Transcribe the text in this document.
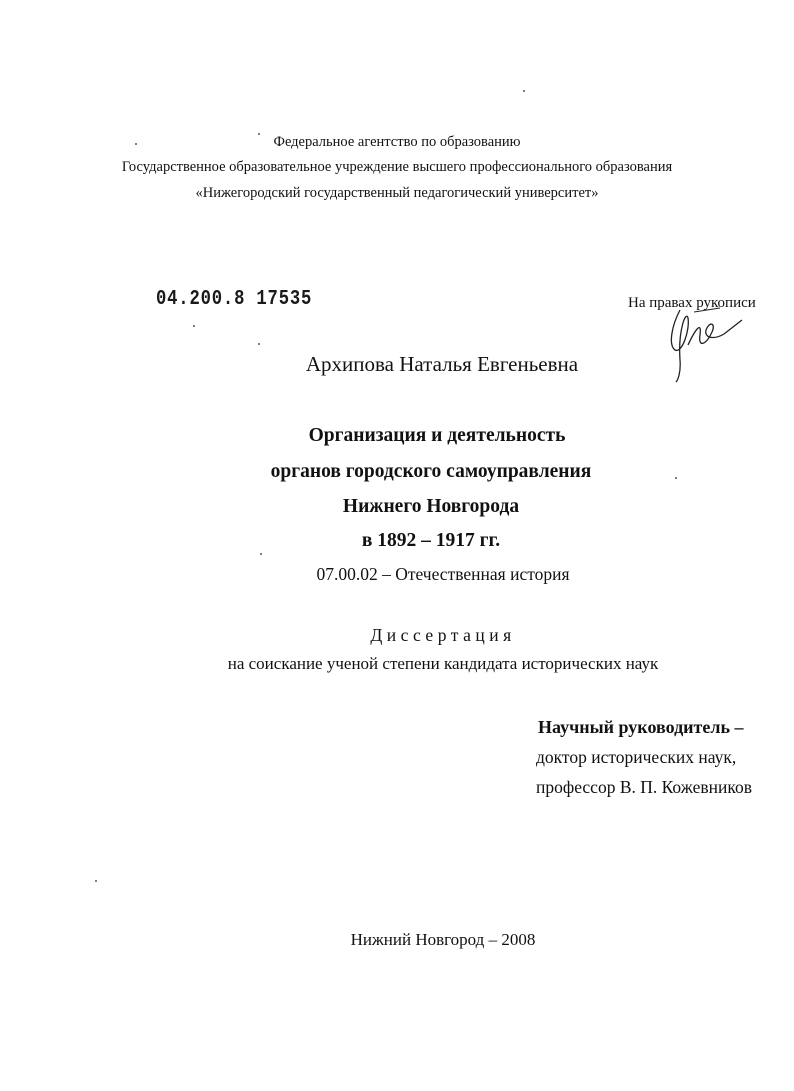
Федеральное агентство по образованию
Государственное образовательное учреждение высшего профессионального образования
«Нижегородский государственный педагогический университет»
04.200.8 17535	На правах рукописи
Архипова Наталья Евгеньевна
Организация и деятельность
органов городского самоуправления
Нижнего Новгорода
в 1892 – 1917 гг.
07.00.02 – Отечественная история
Диссертация
на соискание ученой степени кандидата исторических наук
Научный руководитель –
доктор исторических наук,
профессор В. П. Кожевников
Нижний Новгород – 2008
